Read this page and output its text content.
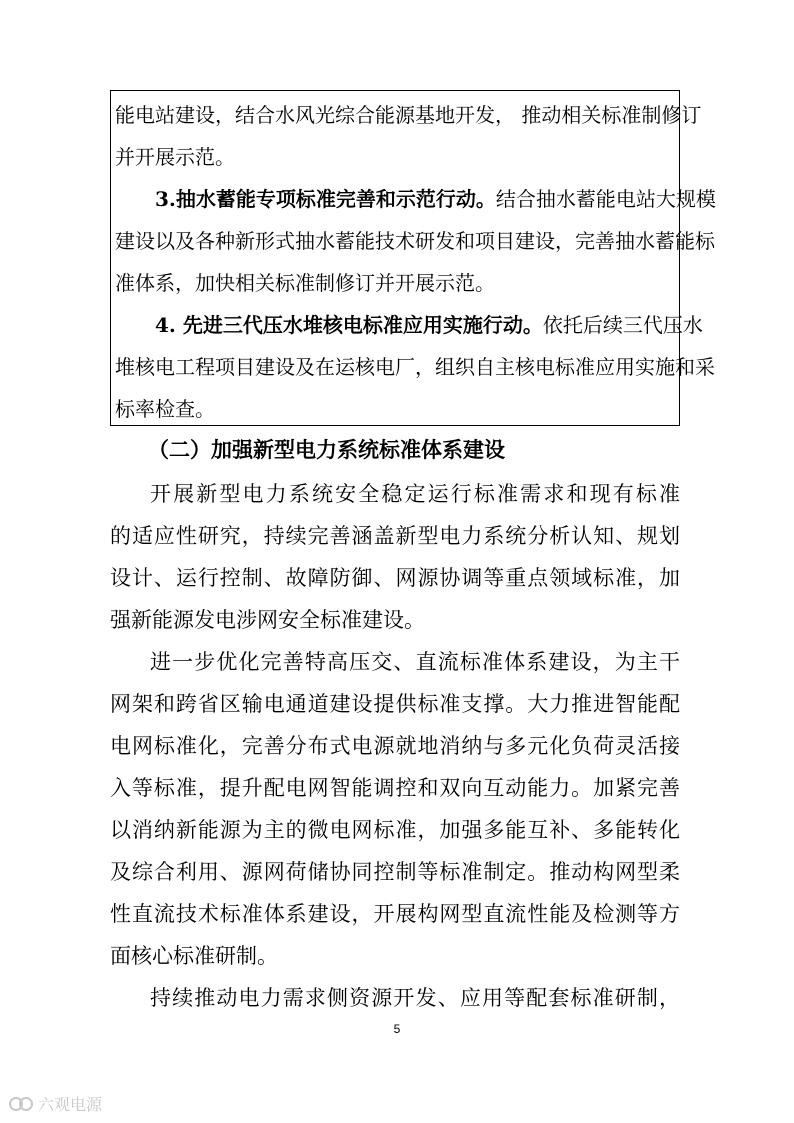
能电站建设，结合水风光综合能源基地开发， 推动相关标准制修订
并开展示范。
3.抽水蓄能专项标准完善和示范行动。结合抽水蓄能电站大规模
建设以及各种新形式抽水蓄能技术研发和项目建设，完善抽水蓄能标
准体系，加快相关标准制修订并开展示范。
4. 先进三代压水堆核电标准应用实施行动。依托后续三代压水
堆核电工程项目建设及在运核电厂，组织自主核电标准应用实施和采
标率检查。
（二）加强新型电力系统标准体系建设
开展新型电力系统安全稳定运行标准需求和现有标准
的适应性研究，持续完善涵盖新型电力系统分析认知、规划
设计、运行控制、故障防御、网源协调等重点领域标准，加
强新能源发电涉网安全标准建设。
进一步优化完善特高压交、直流标准体系建设，为主干
网架和跨省区输电通道建设提供标准支撑。大力推进智能配
电网标准化，完善分布式电源就地消纳与多元化负荷灵活接
入等标准，提升配电网智能调控和双向互动能力。加紧完善
以消纳新能源为主的微电网标准，加强多能互补、多能转化
及综合利用、源网荷储协同控制等标准制定。推动构网型柔
性直流技术标准体系建设，开展构网型直流性能及检测等方
面核心标准研制。
持续推动电力需求侧资源开发、应用等配套标准研制，
5
六观电源
